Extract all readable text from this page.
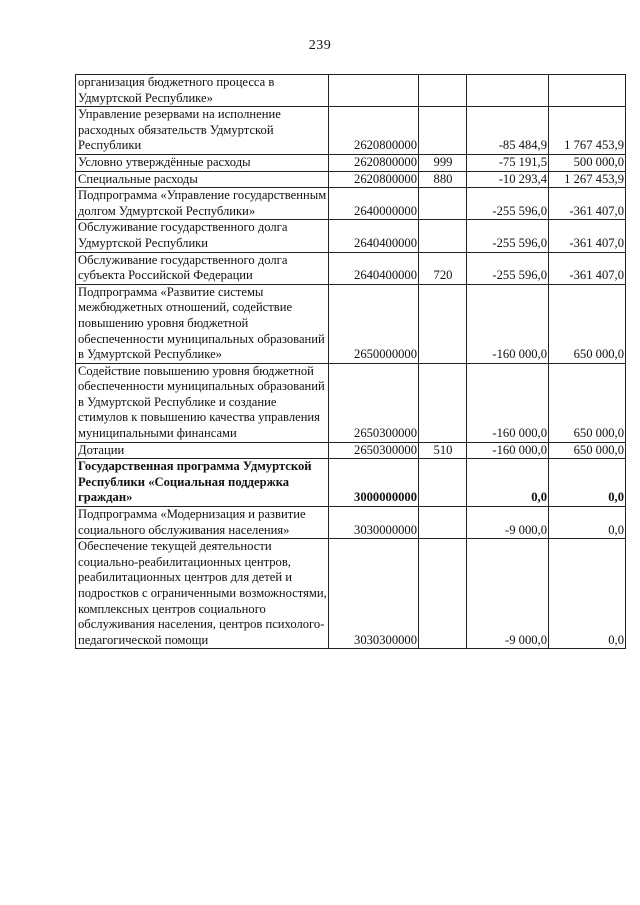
239
организация бюджетного процесса в Удмуртской Республике»				
Управление резервами на исполнение расходных обязательств Удмуртской Республики	2620800000		-85 484,9	1 767 453,9
Условно утверждённые расходы	2620800000	999	-75 191,5	500 000,0
Специальные расходы	2620800000	880	-10 293,4	1 267 453,9
Подпрограмма «Управление государственным долгом Удмуртской Республики»	2640000000		-255 596,0	-361 407,0
Обслуживание государственного долга Удмуртской Республики	2640400000		-255 596,0	-361 407,0
Обслуживание государственного долга субъекта Российской Федерации	2640400000	720	-255 596,0	-361 407,0
Подпрограмма «Развитие системы межбюджетных отношений, содействие повышению уровня бюджетной обеспеченности муниципальных образований в Удмуртской Республике»	2650000000		-160 000,0	650 000,0
Содействие повышению уровня бюджетной обеспеченности муниципальных образований в Удмуртской Республике и создание стимулов к повышению качества управления муниципальными финансами	2650300000		-160 000,0	650 000,0
Дотации	2650300000	510	-160 000,0	650 000,0
Государственная программа Удмуртской Республики «Социальная поддержка граждан»	3000000000		0,0	0,0
Подпрограмма «Модернизация и развитие социального обслуживания населения»	3030000000		-9 000,0	0,0
Обеспечение текущей деятельности социально-реабилитационных центров, реабилитационных центров для детей и подростков с ограниченными возможностями, комплексных центров социального обслуживания населения, центров психолого-педагогической помощи	3030300000		-9 000,0	0,0
